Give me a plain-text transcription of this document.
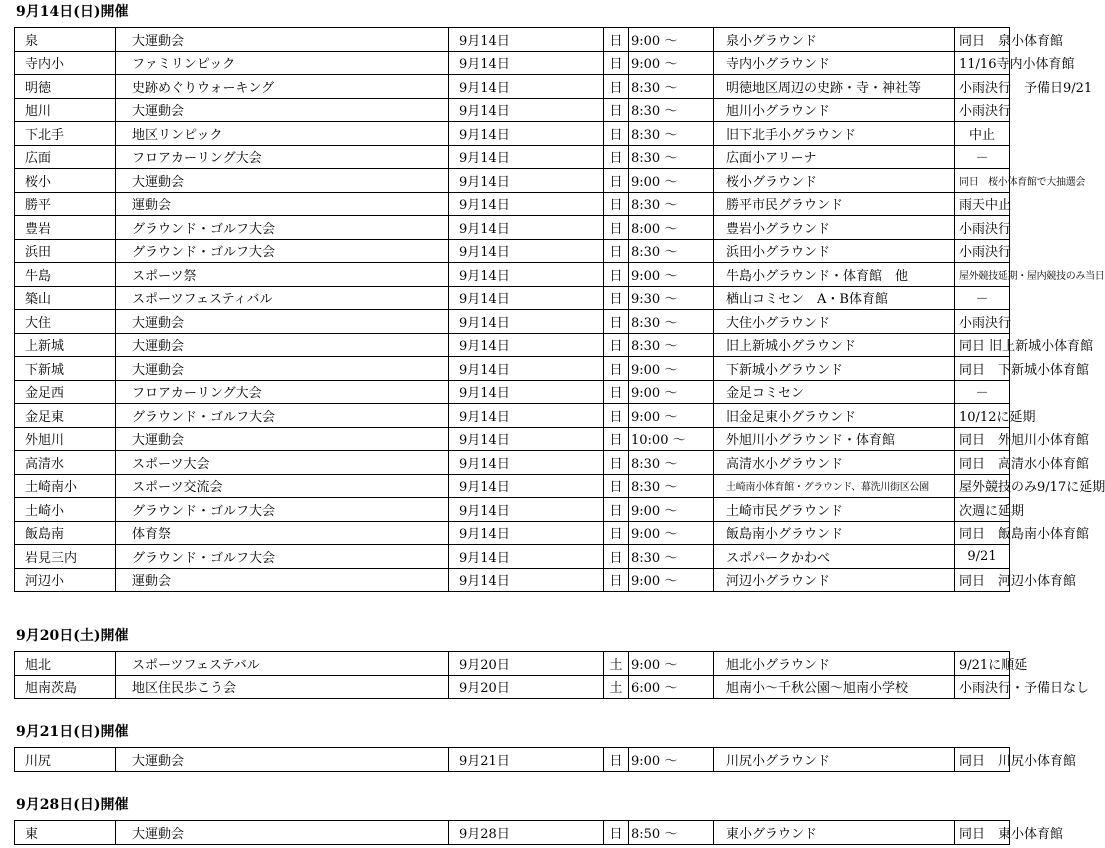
9月14日(日)開催
泉	大運動会	9月14日	日	9:00 ～	泉小グラウンド	同日　泉小体育館
寺内小	ファミリンピック	9月14日	日	9:00 ～	寺内小グラウンド	11/16寺内小体育館
明徳	史跡めぐりウォーキング	9月14日	日	8:30 ～	明徳地区周辺の史跡・寺・神社等	小雨決行　予備日9/21
旭川	大運動会	9月14日	日	8:30 ～	旭川小グラウンド	小雨決行
下北手	地区リンピック	9月14日	日	8:30 ～	旧下北手小グラウンド	中止
広面	フロアカーリング大会	9月14日	日	8:30 ～	広面小アリーナ	－
桜小	大運動会	9月14日	日	9:00 ～	桜小グラウンド	同日　桜小体育館で大抽選会
勝平	運動会	9月14日	日	8:30 ～	勝平市民グラウンド	雨天中止
豊岩	グラウンド・ゴルフ大会	9月14日	日	8:00 ～	豊岩小グラウンド	小雨決行
浜田	グラウンド・ゴルフ大会	9月14日	日	8:30 ～	浜田小グラウンド	小雨決行
牛島	スポーツ祭	9月14日	日	9:00 ～	牛島小グラウンド・体育館　他	屋外競技延期・屋内競技のみ当日
築山	スポーツフェスティバル	9月14日	日	9:30 ～	楢山コミセン　A・B体育館	－
大住	大運動会	9月14日	日	8:30 ～	大住小グラウンド	小雨決行
上新城	大運動会	9月14日	日	8:30 ～	旧上新城小グラウンド	同日 旧上新城小体育館
下新城	大運動会	9月14日	日	9:00 ～	下新城小グラウンド	同日　下新城小体育館
金足西	フロアカーリング大会	9月14日	日	9:00 ～	金足コミセン	－
金足東	グラウンド・ゴルフ大会	9月14日	日	9:00 ～	旧金足東小グラウンド	10/12に延期
外旭川	大運動会	9月14日	日	10:00 ～	外旭川小グラウンド・体育館	同日　外旭川小体育館
高清水	スポーツ大会	9月14日	日	8:30 ～	高清水小グラウンド	同日　高清水小体育館
土崎南小	スポーツ交流会	9月14日	日	8:30 ～	土崎南小体育館・グラウンド、幕洗川街区公園	屋外競技のみ9/17に延期
土崎小	グラウンド・ゴルフ大会	9月14日	日	9:00 ～	土崎市民グラウンド	次週に延期
飯島南	体育祭	9月14日	日	9:00 ～	飯島南小グラウンド	同日　飯島南小体育館
岩見三内	グラウンド・ゴルフ大会	9月14日	日	8:30 ～	スポパークかわべ	9/21
河辺小	運動会	9月14日	日	9:00 ～	河辺小グラウンド	同日　河辺小体育館
9月20日(土)開催
旭北	スポーツフェステバル	9月20日	土	9:00 ～	旭北小グラウンド	9/21に順延
旭南茨島	地区住民歩こう会	9月20日	土	6:00 ～	旭南小～千秋公園～旭南小学校	小雨決行・予備日なし
9月21日(日)開催
川尻	大運動会	9月21日	日	9:00 ～	川尻小グラウンド	同日　川尻小体育館
9月28日(日)開催
東	大運動会	9月28日	日	8:50 ～	東小グラウンド	同日　東小体育館
